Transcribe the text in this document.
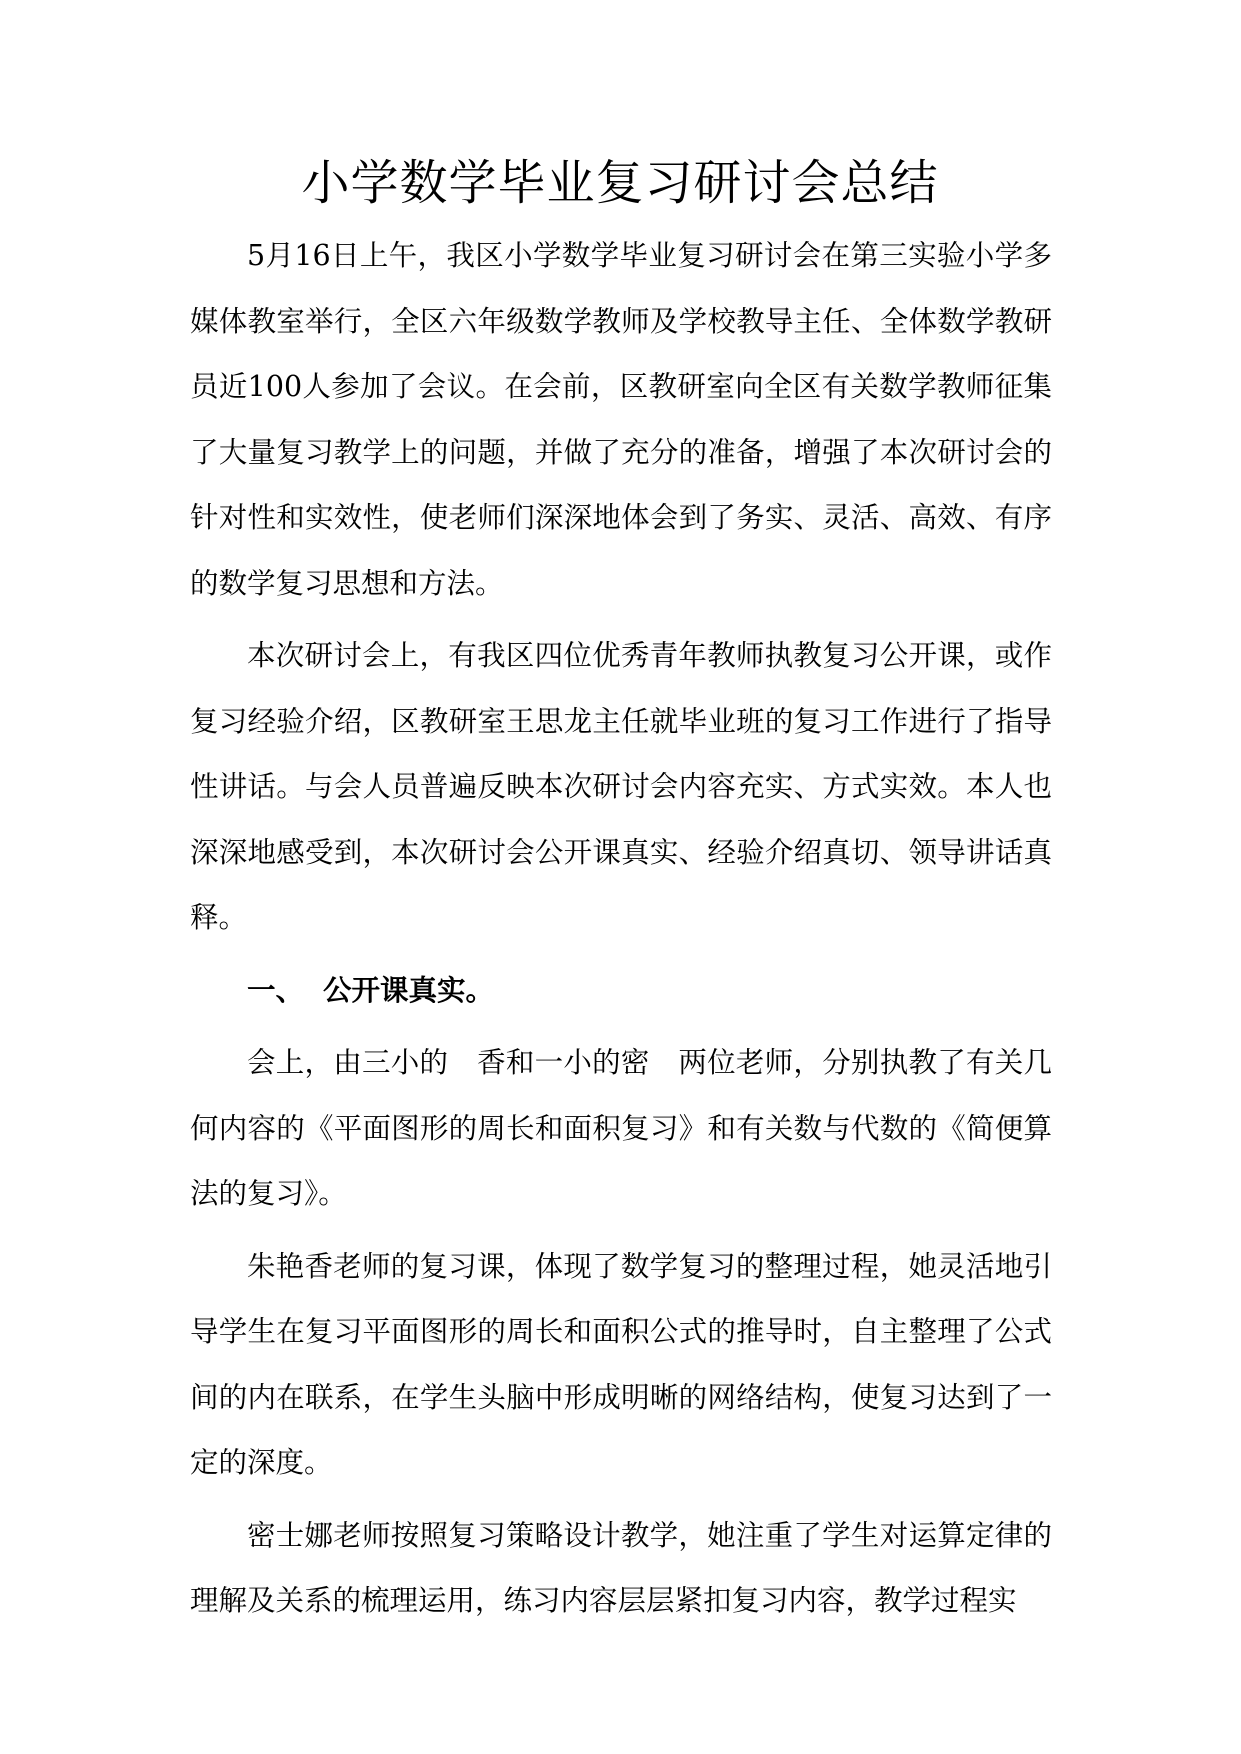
小学数学毕业复习研讨会总结

5月16日上午，我区小学数学毕业复习研讨会在第三实验小学多媒体教室举行，全区六年级数学教师及学校教导主任、全体数学教研员近100人参加了会议。在会前，区教研室向全区有关数学教师征集了大量复习教学上的问题，并做了充分的准备，增强了本次研讨会的针对性和实效性，使老师们深深地体会到了务实、灵活、高效、有序的数学复习思想和方法。

本次研讨会上，有我区四位优秀青年教师执教复习公开课，或作复习经验介绍，区教研室王思龙主任就毕业班的复习工作进行了指导性讲话。与会人员普遍反映本次研讨会内容充实、方式实效。本人也深深地感受到，本次研讨会公开课真实、经验介绍真切、领导讲话真释。

一、 公开课真实。

会上，由三小的　香和一小的密　两位老师，分别执教了有关几何内容的《平面图形的周长和面积复习》和有关数与代数的《简便算法的复习》。

朱艳香老师的复习课，体现了数学复习的整理过程，她灵活地引导学生在复习平面图形的周长和面积公式的推导时，自主整理了公式间的内在联系，在学生头脑中形成明晰的网络结构，使复习达到了一定的深度。

密士娜老师按照复习策略设计教学，她注重了学生对运算定律的理解及关系的梳理运用，练习内容层层紧扣复习内容，教学过程实
